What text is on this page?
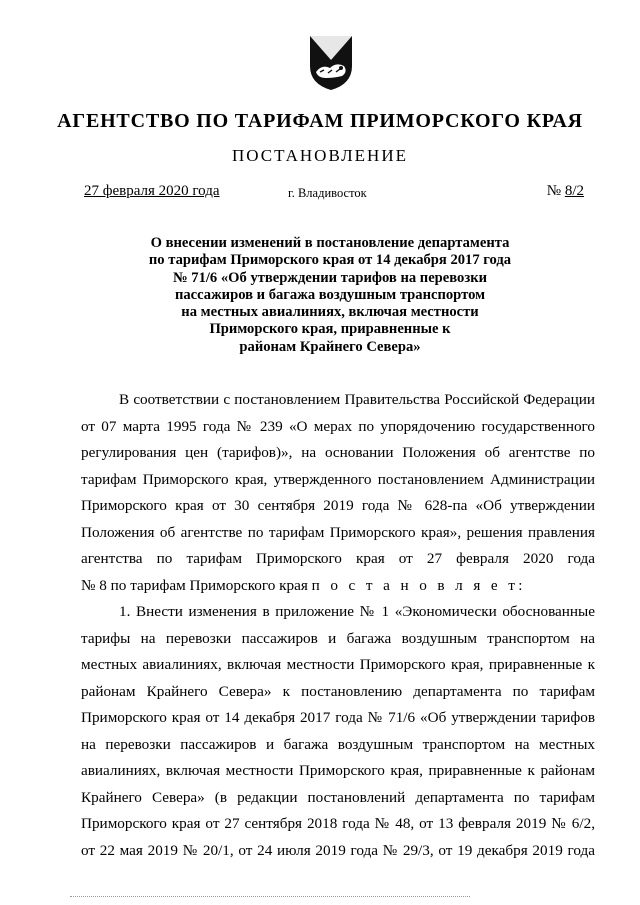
АГЕНТСТВО ПО ТАРИФАМ ПРИМОРСКОГО КРАЯ
ПОСТАНОВЛЕНИЕ
27 февраля 2020 года	г. Владивосток	№ 8/2
О внесении изменений в постановление департамента
по тарифам Приморского края от 14 декабря 2017 года
№ 71/6 «Об утверждении тарифов на перевозки
пассажиров и багажа воздушным транспортом
на местных авиалиниях, включая местности
Приморского края, приравненные к
районам Крайнего Севера»
В соответствии с постановлением Правительства Российской Федерации
от 07 марта 1995 года № 239 «О мерах по упорядочению государственного
регулирования цен (тарифов)», на основании Положения об агентстве по
тарифам Приморского края, утвержденного постановлением Администрации
Приморского края от 30 сентября 2019 года № 628-па «Об утверждении
Положения об агентстве по тарифам Приморского края», решения правления
агентства по тарифам Приморского края от 27 февраля 2020 года
№ 8 по тарифам Приморского края п о с т а н о в л я е т:
1. Внести изменения в приложение № 1 «Экономически обоснованные
тарифы на перевозки пассажиров и багажа воздушным транспортом на
местных авиалиниях, включая местности Приморского края, приравненные к
районам Крайнего Севера» к постановлению департамента по тарифам
Приморского края от 14 декабря 2017 года № 71/6 «Об утверждении тарифов
на перевозки пассажиров и багажа воздушным транспортом на местных
авиалиниях, включая местности Приморского края, приравненные к районам
Крайнего Севера» (в редакции постановлений департамента по тарифам
Приморского края от 27 сентября 2018 года № 48, от 13 февраля 2019 № 6/2,
от 22 мая 2019 № 20/1, от 24 июля 2019 года № 29/3, от 19 декабря 2019 года
